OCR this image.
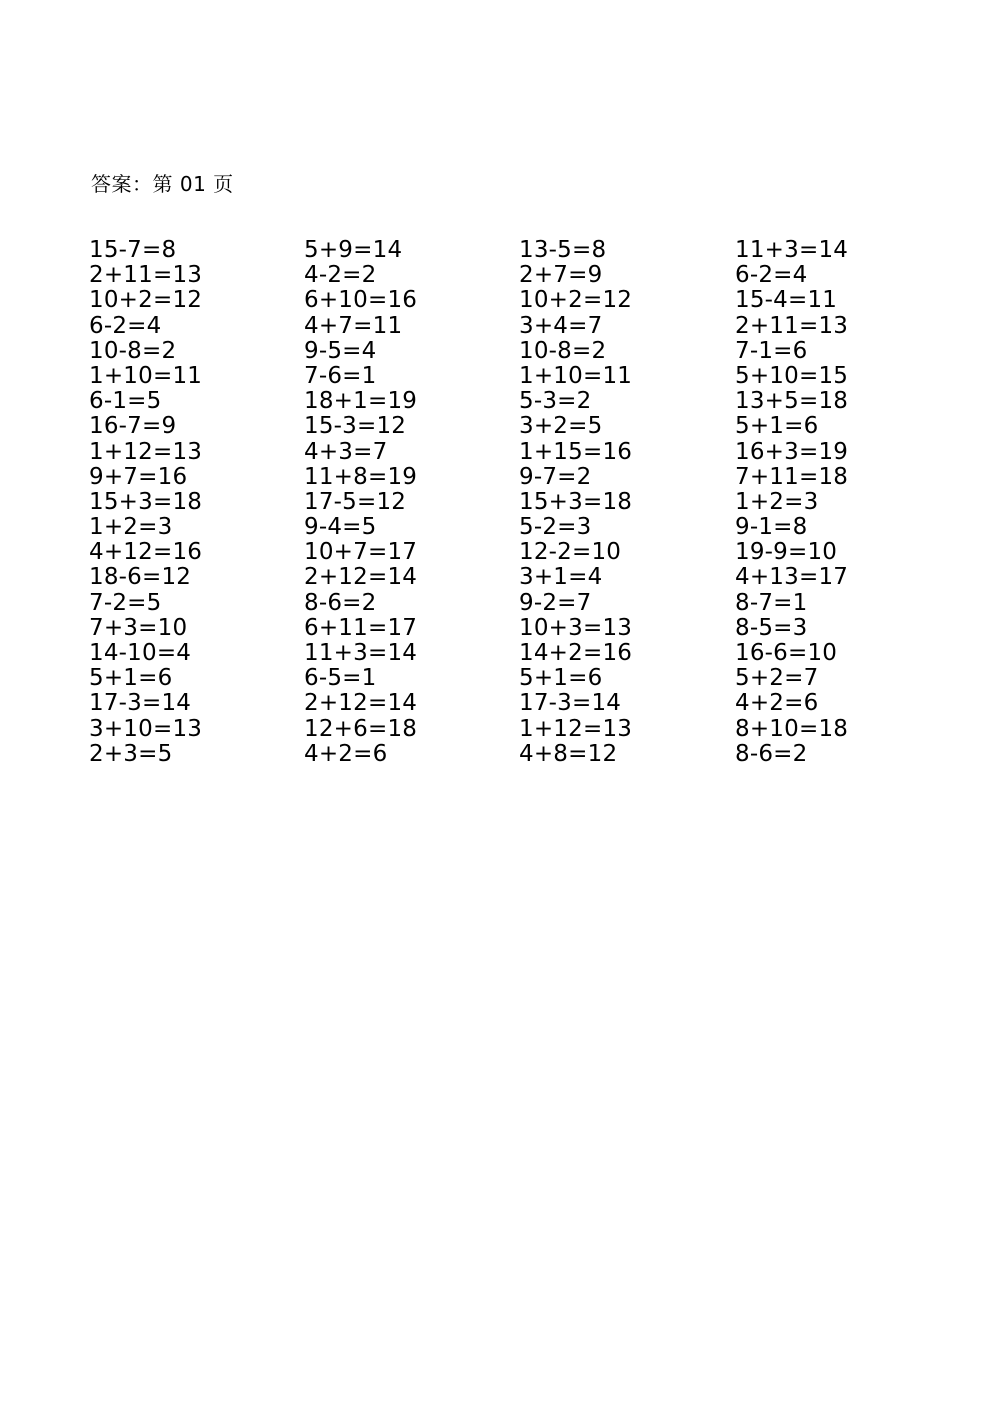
答案：第 01 页
15-7=8
2+11=13
10+2=12
6-2=4
10-8=2
1+10=11
6-1=5
16-7=9
1+12=13
9+7=16
15+3=18
1+2=3
4+12=16
18-6=12
7-2=5
7+3=10
14-10=4
5+1=6
17-3=14
3+10=13
2+3=5
5+9=14
4-2=2
6+10=16
4+7=11
9-5=4
7-6=1
18+1=19
15-3=12
4+3=7
11+8=19
17-5=12
9-4=5
10+7=17
2+12=14
8-6=2
6+11=17
11+3=14
6-5=1
2+12=14
12+6=18
4+2=6
13-5=8
2+7=9
10+2=12
3+4=7
10-8=2
1+10=11
5-3=2
3+2=5
1+15=16
9-7=2
15+3=18
5-2=3
12-2=10
3+1=4
9-2=7
10+3=13
14+2=16
5+1=6
17-3=14
1+12=13
4+8=12
11+3=14
6-2=4
15-4=11
2+11=13
7-1=6
5+10=15
13+5=18
5+1=6
16+3=19
7+11=18
1+2=3
9-1=8
19-9=10
4+13=17
8-7=1
8-5=3
16-6=10
5+2=7
4+2=6
8+10=18
8-6=2
